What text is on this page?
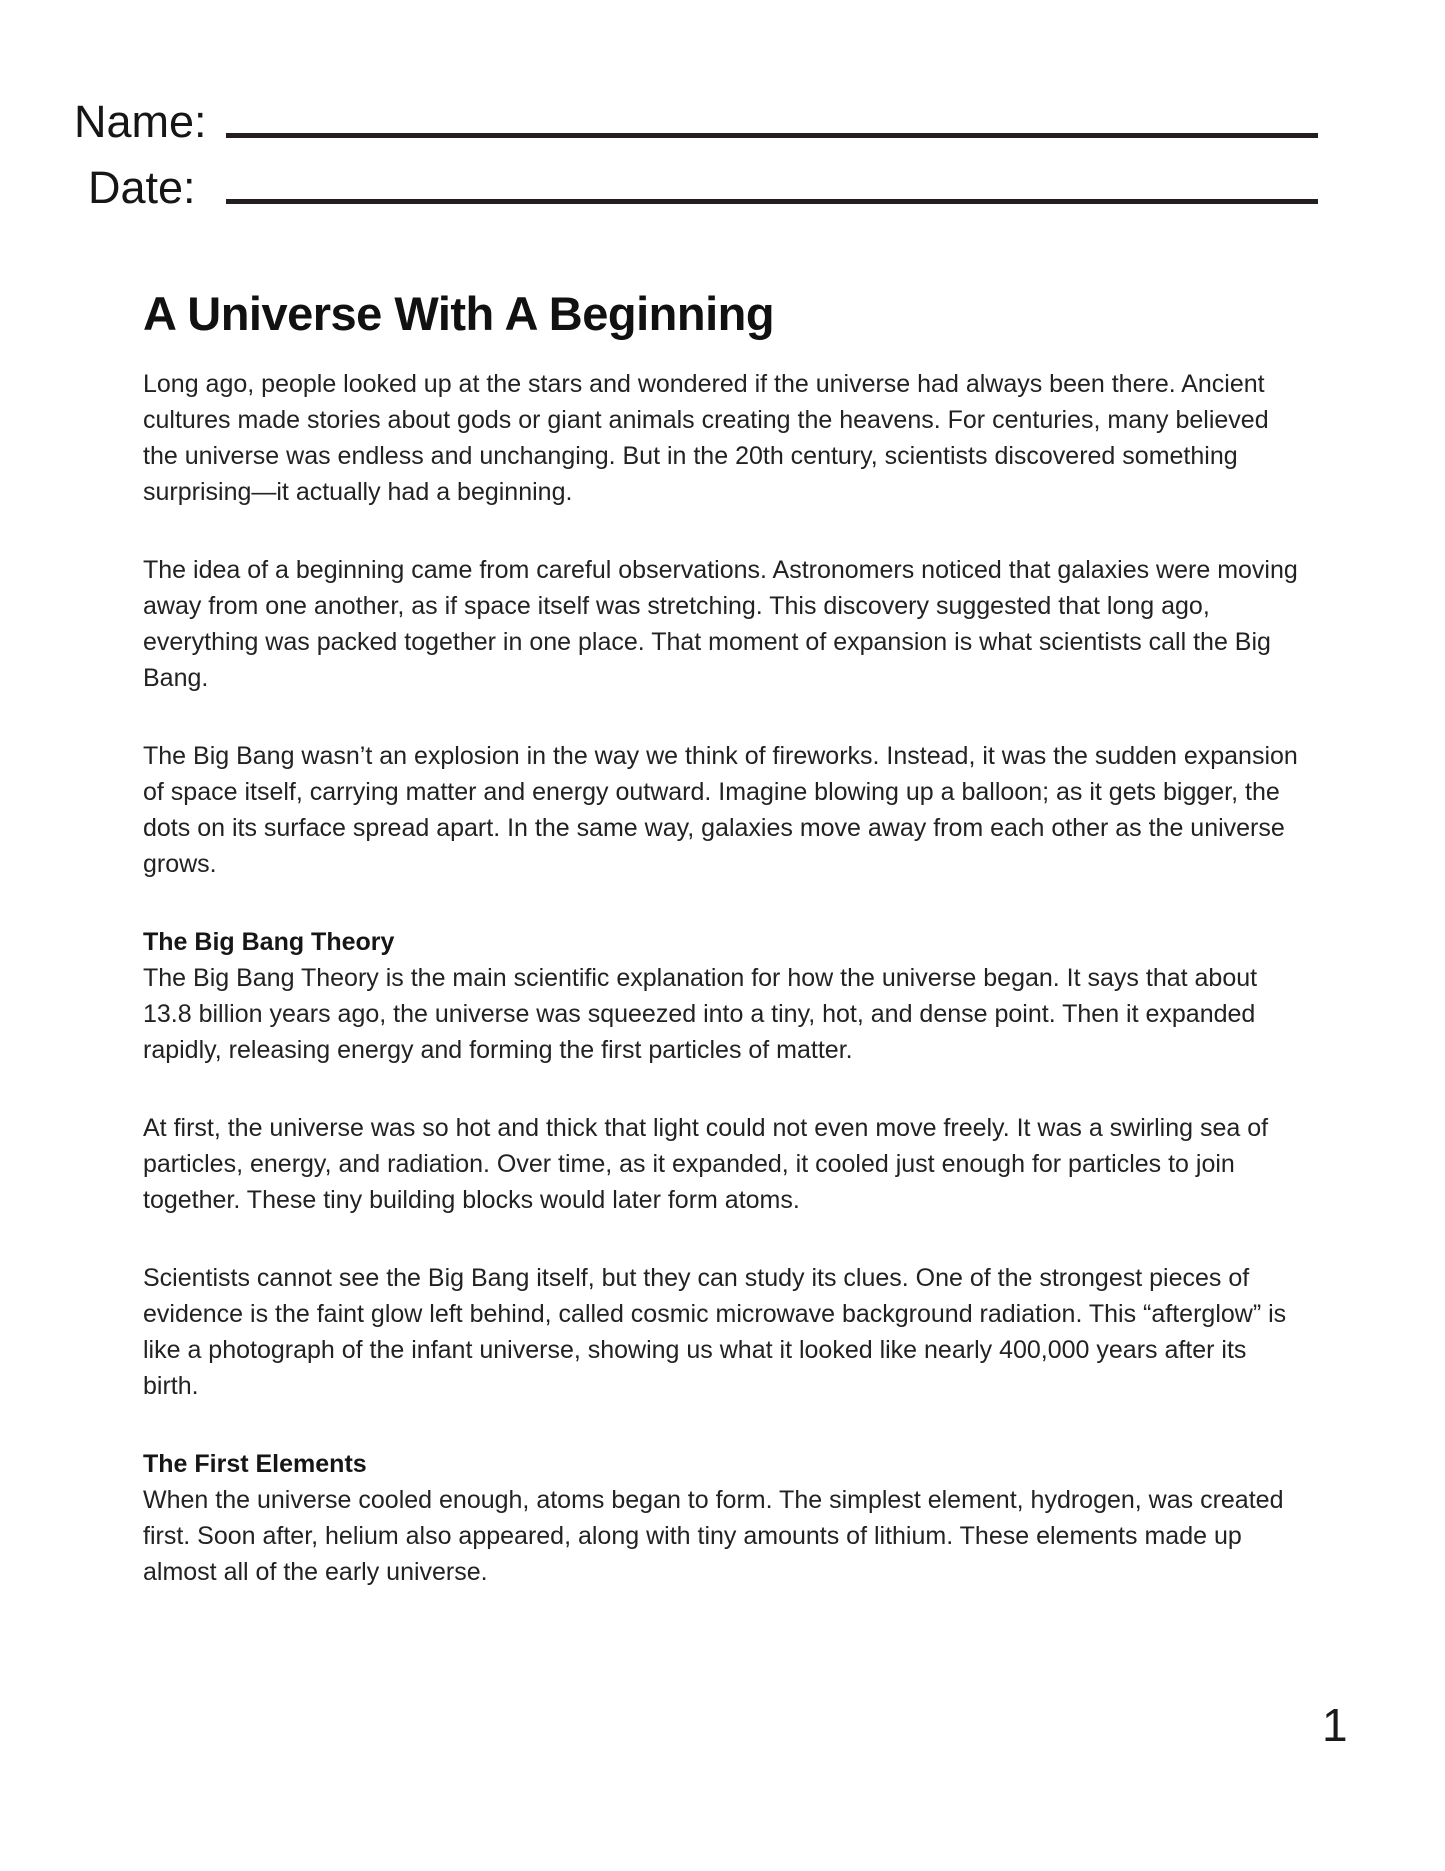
Name:
Date:
A Universe With A Beginning

Long ago, people looked up at the stars and wondered if the universe had always been there. Ancient cultures made stories about gods or giant animals creating the heavens. For centuries, many believed the universe was endless and unchanging. But in the 20th century, scientists discovered something surprising—it actually had a beginning.

The idea of a beginning came from careful observations. Astronomers noticed that galaxies were moving away from one another, as if space itself was stretching. This discovery suggested that long ago, everything was packed together in one place. That moment of expansion is what scientists call the Big Bang.

The Big Bang wasn’t an explosion in the way we think of fireworks. Instead, it was the sudden expansion of space itself, carrying matter and energy outward. Imagine blowing up a balloon; as it gets bigger, the dots on its surface spread apart. In the same way, galaxies move away from each other as the universe grows.

The Big Bang Theory

The Big Bang Theory is the main scientific explanation for how the universe began. It says that about 13.8 billion years ago, the universe was squeezed into a tiny, hot, and dense point. Then it expanded rapidly, releasing energy and forming the first particles of matter.

At first, the universe was so hot and thick that light could not even move freely. It was a swirling sea of particles, energy, and radiation. Over time, as it expanded, it cooled just enough for particles to join together. These tiny building blocks would later form atoms.

Scientists cannot see the Big Bang itself, but they can study its clues. One of the strongest pieces of evidence is the faint glow left behind, called cosmic microwave background radiation. This “afterglow” is like a photograph of the infant universe, showing us what it looked like nearly 400,000 years after its birth.

The First Elements

When the universe cooled enough, atoms began to form. The simplest element, hydrogen, was created first. Soon after, helium also appeared, along with tiny amounts of lithium. These elements made up almost all of the early universe.

1
